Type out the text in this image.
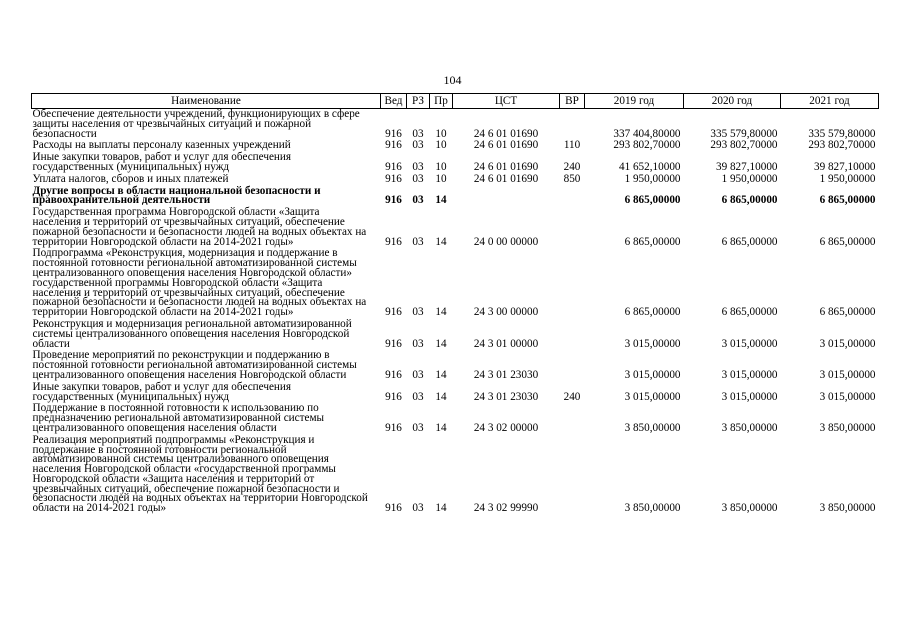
104
Наименование	Вед	РЗ	Пр	ЦСТ	ВР	2019 год	2020 год	2021 год
Обеспечение деятельности учреждений, функционирующих в сфере защиты населения от чрезвычайных ситуаций и пожарной безопасности	916	03	10	24 6 01 01690		337 404,80000	335 579,80000	335 579,80000
Расходы на выплаты персоналу казенных учреждений	916	03	10	24 6 01 01690	110	293 802,70000	293 802,70000	293 802,70000
Иные закупки товаров, работ и услуг для обеспечения государственных (муниципальных) нужд	916	03	10	24 6 01 01690	240	41 652,10000	39 827,10000	39 827,10000
Уплата налогов, сборов и иных платежей	916	03	10	24 6 01 01690	850	1 950,00000	1 950,00000	1 950,00000
Другие вопросы в области национальной безопасности и правоохранительной деятельности	916	03	14			6 865,00000	6 865,00000	6 865,00000
Государственная программа Новгородской области «Защита населения и территорий от чрезвычайных ситуаций, обеспечение пожарной безопасности и безопасности людей на водных объектах на территории Новгородской области на 2014-2021 годы»	916	03	14	24 0 00 00000		6 865,00000	6 865,00000	6 865,00000
Подпрограмма «Реконструкция, модернизация и поддержание в постоянной готовности региональной автоматизированной системы централизованного оповещения населения Новгородской области» государственной программы Новгородской области «Защита населения и территорий от чрезвычайных ситуаций, обеспечение пожарной безопасности и безопасности людей на водных объектах на территории Новгородской области на 2014-2021 годы»	916	03	14	24 3 00 00000		6 865,00000	6 865,00000	6 865,00000
Реконструкция и модернизация региональной автоматизированной системы централизованного оповещения населения Новгородской области	916	03	14	24 3 01 00000		3 015,00000	3 015,00000	3 015,00000
Проведение мероприятий по реконструкции и поддержанию в постоянной готовности региональной автоматизированной системы централизованного оповещения населения Новгородской области	916	03	14	24 3 01 23030		3 015,00000	3 015,00000	3 015,00000
Иные закупки товаров, работ и услуг для обеспечения государственных (муниципальных) нужд	916	03	14	24 3 01 23030	240	3 015,00000	3 015,00000	3 015,00000
Поддержание в постоянной готовности к использованию по предназначению региональной автоматизированной системы централизованного оповещения населения области	916	03	14	24 3 02 00000		3 850,00000	3 850,00000	3 850,00000
Реализация мероприятий подпрограммы «Реконструкция и поддержание в постоянной готовности региональной автоматизированной системы централизованного оповещения населения Новгородской области «государственной программы Новгородской области «Защита населения и территорий от чрезвычайных ситуаций, обеспечение пожарной безопасности и безопасности людей на водных объектах на территории Новгородской области на 2014-2021 годы»	916	03	14	24 3 02 99990		3 850,00000	3 850,00000	3 850,00000
